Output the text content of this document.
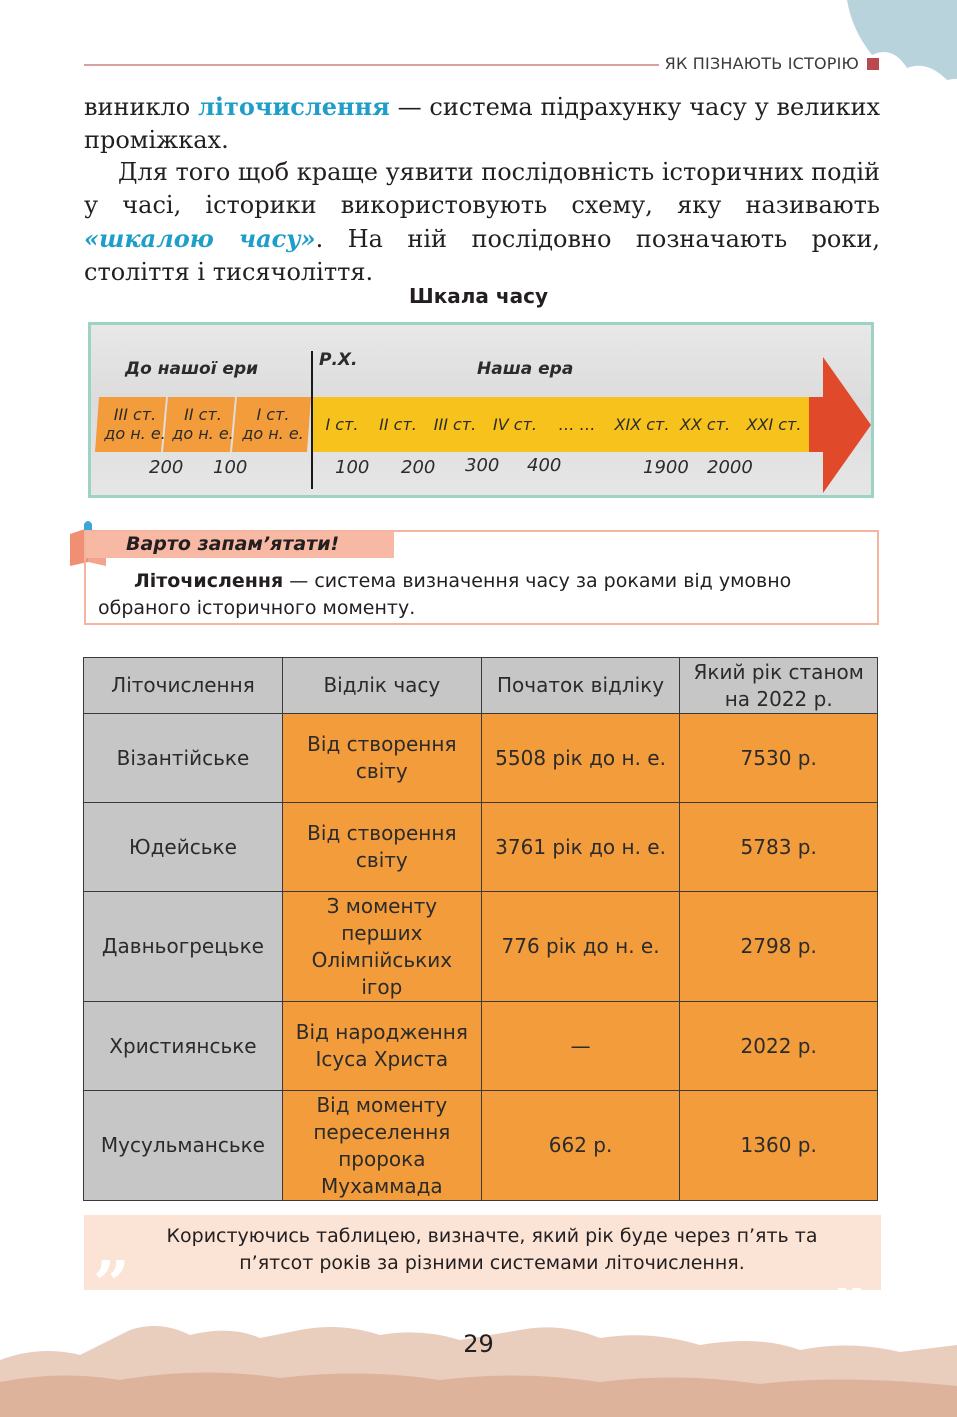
ЯК ПІЗНАЮТЬ ІСТОРІЮ
виникло літочислення — система підрахунку часу у великих проміжках.
Для того щоб краще уявити послідовність історичних подій у часі, історики використовують схему, яку називають «шкалою часу». На ній послідовно позначають роки, століття і тисячоліття.
Шкала часу
До нашої ери	Р.Х.	Наша ера
III ст.
до н. е.
II ст.
до н. е.
I ст.
до н. е.	I ст.	II ст.	III ст.	IV ст.	… …	XIX ст. XX ст.	XXI ст.
200 100	100 200 300 400	1900 2000
Варто запам’ятати!
Літочислення — система визначення часу за роками від умовно обраного історичного моменту.
Літочислення	Відлік часу	Початок відліку	Який рік станом на 2022 р.
Візантійське	Від створення світу	5508 рік до н. е.	7530 р.
Юдейське	Від створення світу	3761 рік до н. е.	5783 р.
Давньогрецьке	З моменту перших Олімпійських ігор	776 рік до н. е.	2798 р.
Християнське	Від народження Ісуса Христа	—	2022 р.
Мусульманське	Від моменту переселення пророка Мухаммада	662 р.	1360 р.
„	Користуючись таблицею, визначте, який рік буде через п’ять та п’ятсот років за різними системами літочислення.	„
29
